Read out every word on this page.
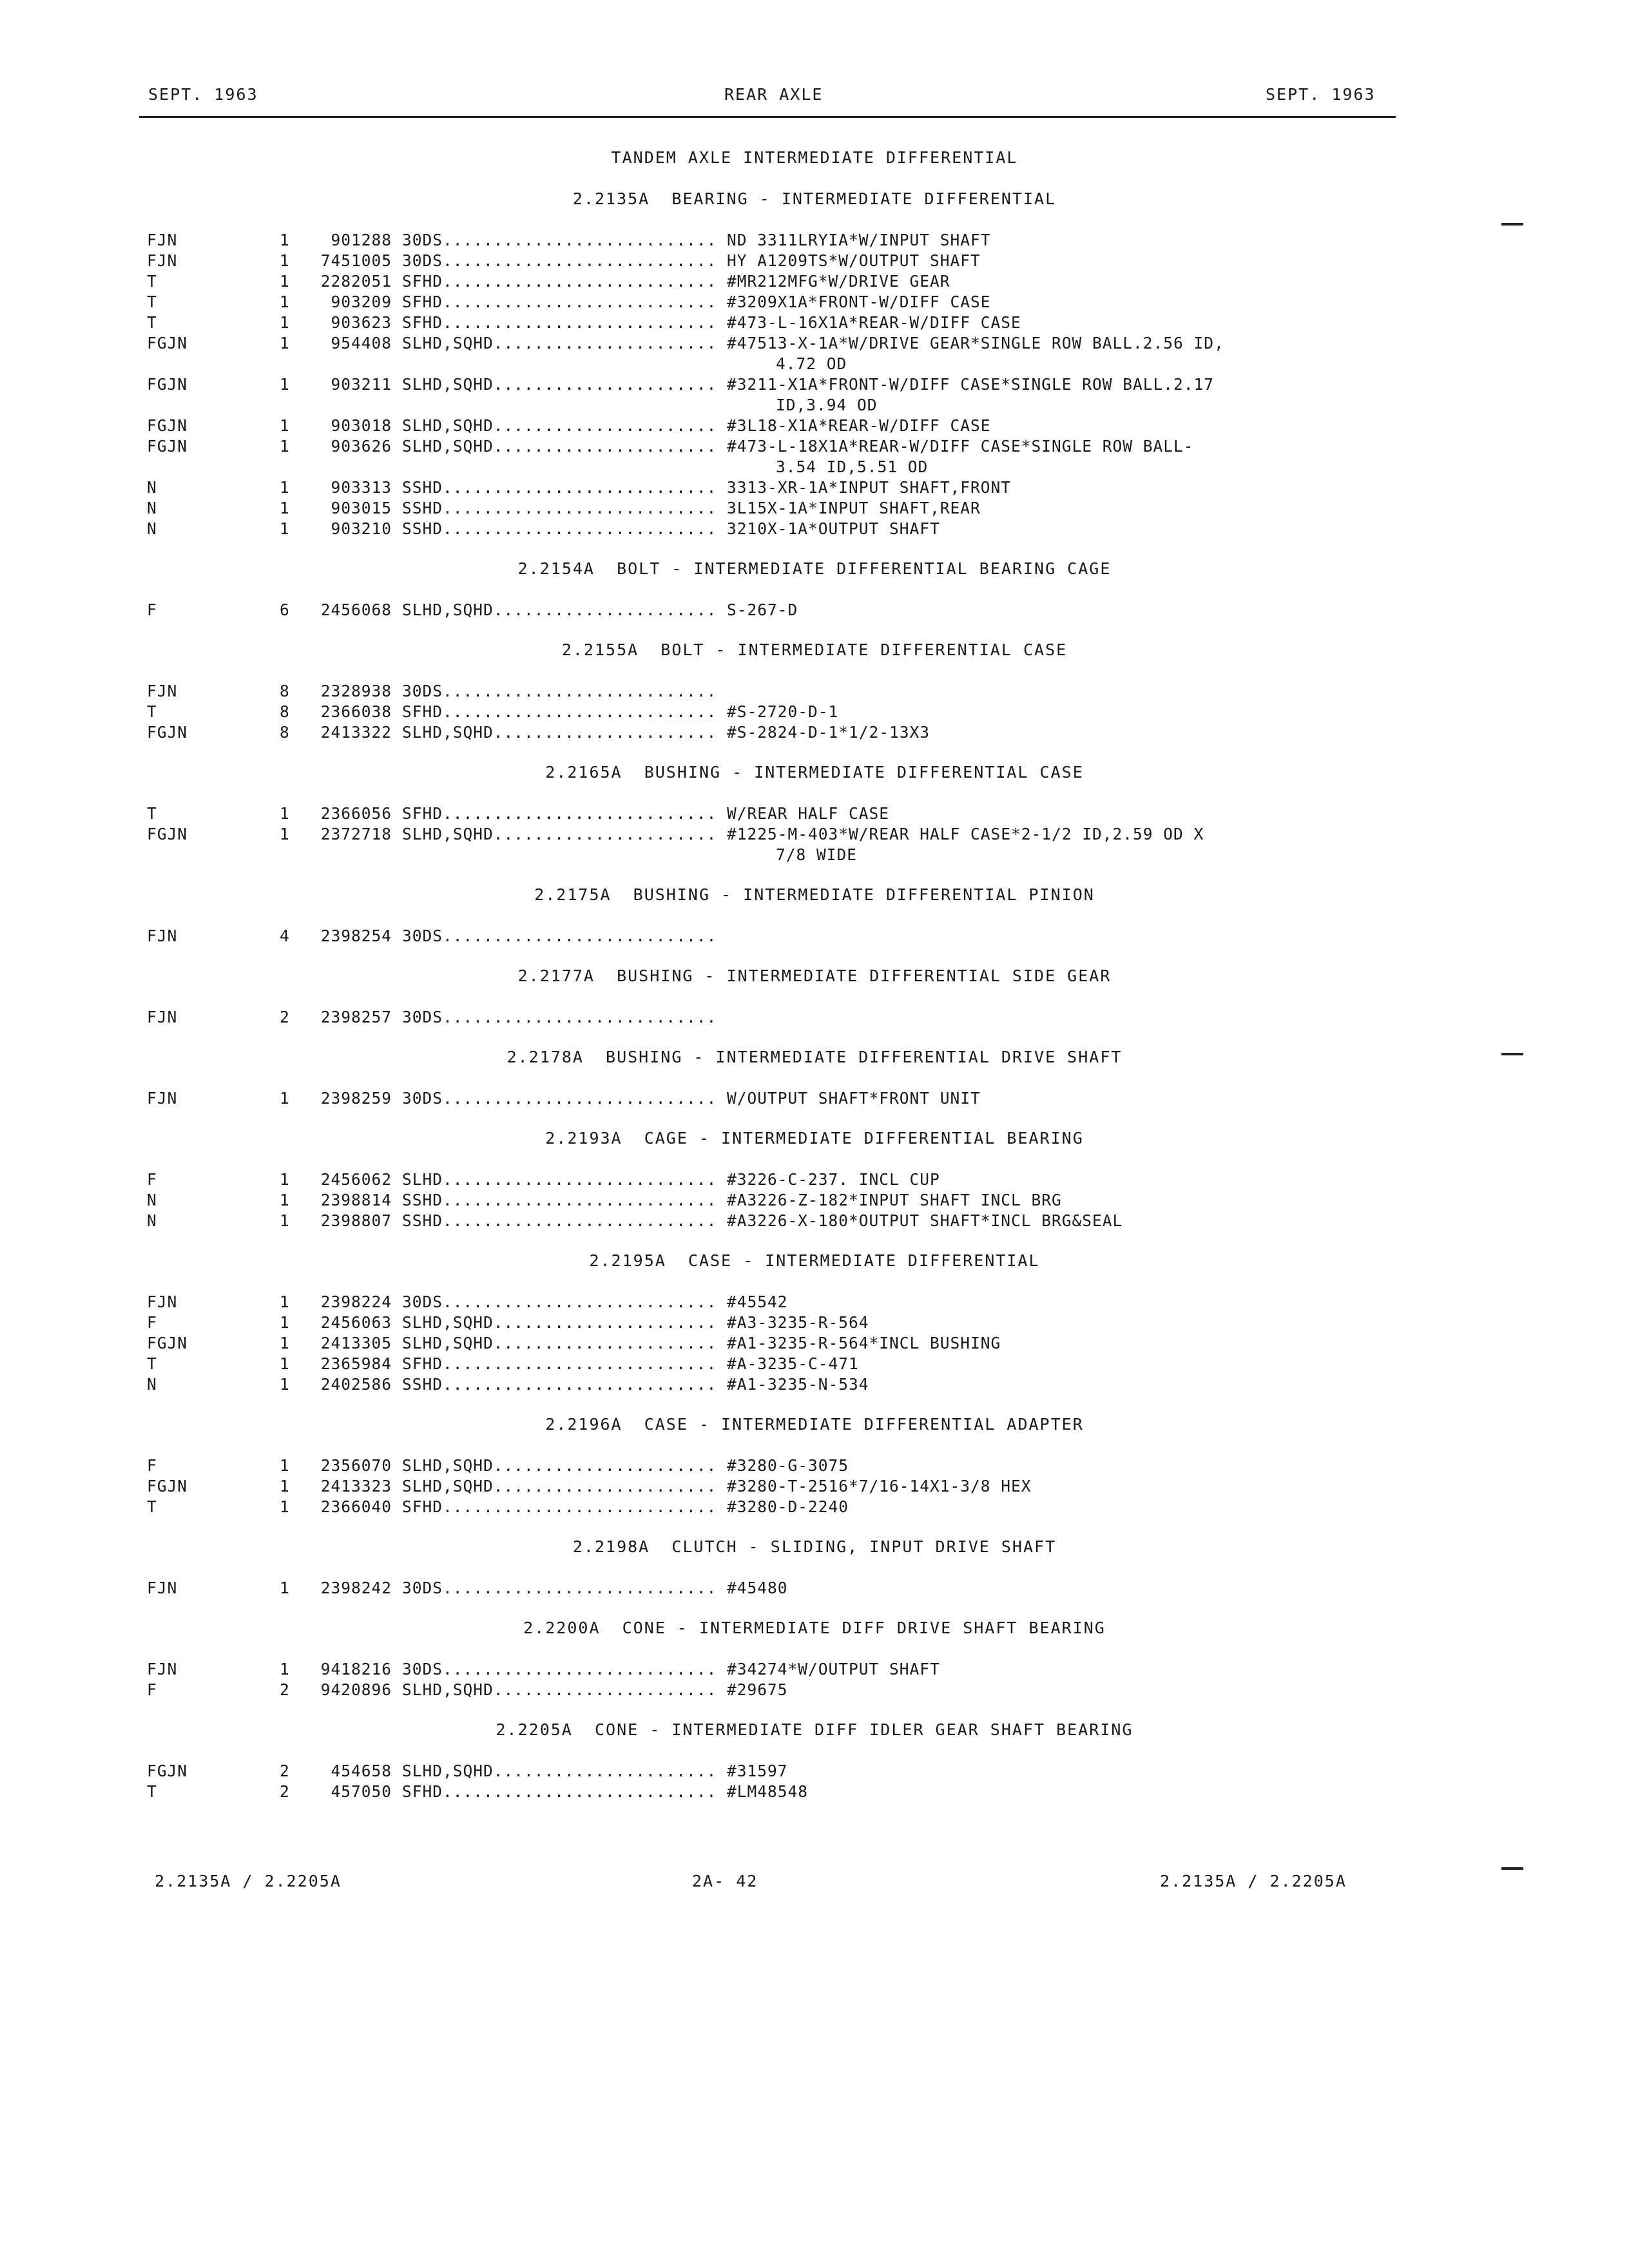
SEPT. 1963	REAR AXLE	SEPT. 1963
TANDEM AXLE INTERMEDIATE DIFFERENTIAL
2.2135A  BEARING - INTERMEDIATE DIFFERENTIAL
FJN	1	901288 30DS........................... ND 3311LRYIA*W/INPUT SHAFT
FJN	1	7451005 30DS........................... HY A1209TS*W/OUTPUT SHAFT
T	1	2282051 SFHD........................... #MR212MFG*W/DRIVE GEAR
T	1	903209 SFHD........................... #3209X1A*FRONT-W/DIFF CASE
T	1	903623 SFHD........................... #473-L-16X1A*REAR-W/DIFF CASE
FGJN	1	954408 SLHD,SQHD...................... #47513-X-1A*W/DRIVE GEAR*SINGLE ROW BALL.2.56 ID,
4.72 OD
FGJN	1	903211 SLHD,SQHD...................... #3211-X1A*FRONT-W/DIFF CASE*SINGLE ROW BALL.2.17
ID,3.94 OD
FGJN	1	903018 SLHD,SQHD...................... #3L18-X1A*REAR-W/DIFF CASE
FGJN	1	903626 SLHD,SQHD...................... #473-L-18X1A*REAR-W/DIFF CASE*SINGLE ROW BALL-
3.54 ID,5.51 OD
N	1	903313 SSHD........................... 3313-XR-1A*INPUT SHAFT,FRONT
N	1	903015 SSHD........................... 3L15X-1A*INPUT SHAFT,REAR
N	1	903210 SSHD........................... 3210X-1A*OUTPUT SHAFT
2.2154A  BOLT - INTERMEDIATE DIFFERENTIAL BEARING CAGE
F	6	2456068 SLHD,SQHD...................... S-267-D
2.2155A  BOLT - INTERMEDIATE DIFFERENTIAL CASE
FJN	8	2328938 30DS...........................
T	8	2366038 SFHD........................... #S-2720-D-1
FGJN	8	2413322 SLHD,SQHD...................... #S-2824-D-1*1/2-13X3
2.2165A  BUSHING - INTERMEDIATE DIFFERENTIAL CASE
T	1	2366056 SFHD........................... W/REAR HALF CASE
FGJN	1	2372718 SLHD,SQHD...................... #1225-M-403*W/REAR HALF CASE*2-1/2 ID,2.59 OD X
7/8 WIDE
2.2175A  BUSHING - INTERMEDIATE DIFFERENTIAL PINION
FJN	4	2398254 30DS...........................
2.2177A  BUSHING - INTERMEDIATE DIFFERENTIAL SIDE GEAR
FJN	2	2398257 30DS...........................
2.2178A  BUSHING - INTERMEDIATE DIFFERENTIAL DRIVE SHAFT
FJN	1	2398259 30DS........................... W/OUTPUT SHAFT*FRONT UNIT
2.2193A  CAGE - INTERMEDIATE DIFFERENTIAL BEARING
F	1	2456062 SLHD........................... #3226-C-237. INCL CUP
N	1	2398814 SSHD........................... #A3226-Z-182*INPUT SHAFT INCL BRG
N	1	2398807 SSHD........................... #A3226-X-180*OUTPUT SHAFT*INCL BRG&SEAL
2.2195A  CASE - INTERMEDIATE DIFFERENTIAL
FJN	1	2398224 30DS........................... #45542
F	1	2456063 SLHD,SQHD...................... #A3-3235-R-564
FGJN	1	2413305 SLHD,SQHD...................... #A1-3235-R-564*INCL BUSHING
T	1	2365984 SFHD........................... #A-3235-C-471
N	1	2402586 SSHD........................... #A1-3235-N-534
2.2196A  CASE - INTERMEDIATE DIFFERENTIAL ADAPTER
F	1	2356070 SLHD,SQHD...................... #3280-G-3075
FGJN	1	2413323 SLHD,SQHD...................... #3280-T-2516*7/16-14X1-3/8 HEX
T	1	2366040 SFHD........................... #3280-D-2240
2.2198A  CLUTCH - SLIDING, INPUT DRIVE SHAFT
FJN	1	2398242 30DS........................... #45480
2.2200A  CONE - INTERMEDIATE DIFF DRIVE SHAFT BEARING
FJN	1	9418216 30DS........................... #34274*W/OUTPUT SHAFT
F	2	9420896 SLHD,SQHD...................... #29675
2.2205A  CONE - INTERMEDIATE DIFF IDLER GEAR SHAFT BEARING
FGJN	2	454658 SLHD,SQHD...................... #31597
T	2	457050 SFHD........................... #LM48548
2.2135A / 2.2205A	2A- 42	2.2135A / 2.2205A
